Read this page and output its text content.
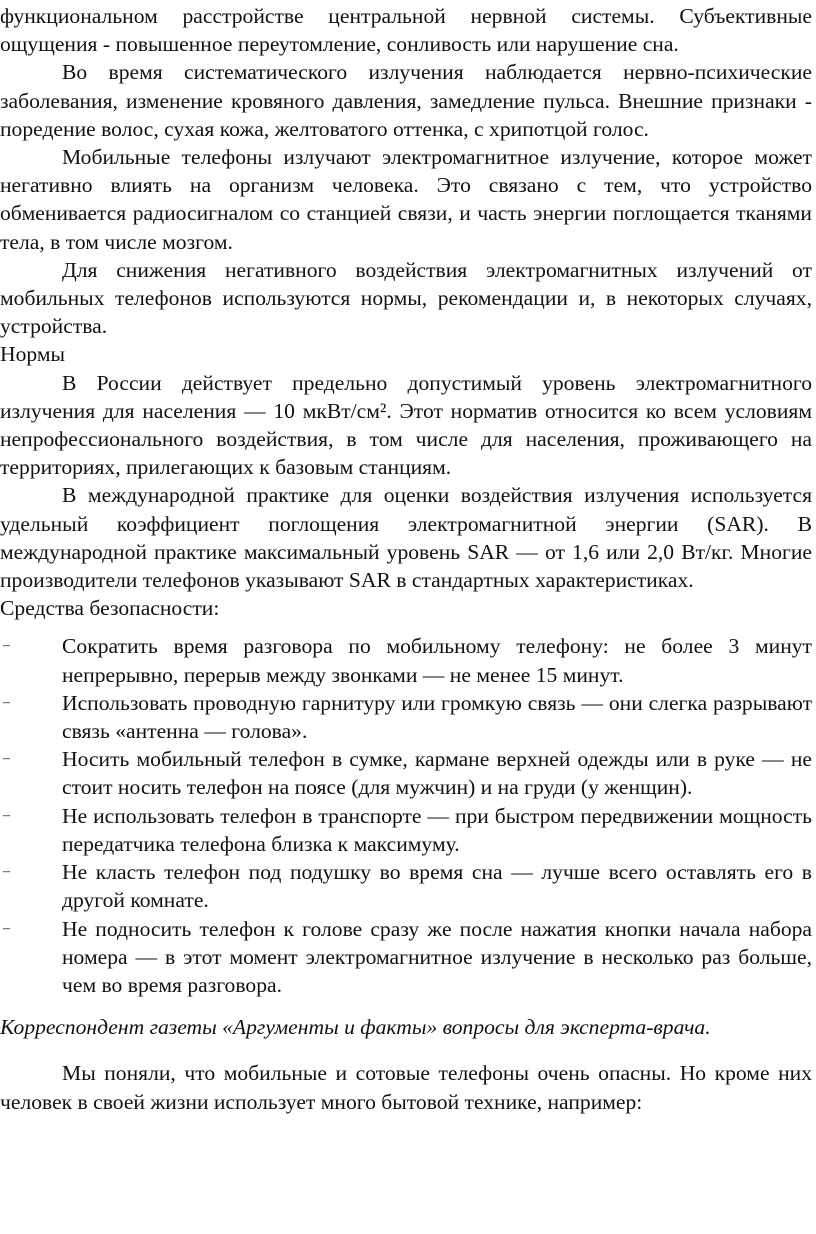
функциональном расстройстве центральной нервной системы. Субъективные ощущения - повышенное переутомление, сонливость или нарушение сна.

Во время систематического излучения наблюдается нервно-психические заболевания, изменение кровяного давления, замедление пульса. Внешние признаки - поредение волос, сухая кожа, желтоватого оттенка, с хрипотцой голос.

Мобильные телефоны излучают электромагнитное излучение, которое может негативно влиять на организм человека. Это связано с тем, что устройство обменивается радиосигналом со станцией связи, и часть энергии поглощается тканями тела, в том числе мозгом.

Для снижения негативного воздействия электромагнитных излучений от мобильных телефонов используются нормы, рекомендации и, в некоторых случаях, устройства.

Нормы

В России действует предельно допустимый уровень электромагнитного излучения для населения — 10 мкВт/см². Этот норматив относится ко всем условиям непрофессионального воздействия, в том числе для населения, проживающего на территориях, прилегающих к базовым станциям.

В международной практике для оценки воздействия излучения используется удельный коэффициент поглощения электромагнитной энергии (SAR). В международной практике максимальный уровень SAR — от 1,6 или 2,0 Вт/кг. Многие производители телефонов указывают SAR в стандартных характеристиках.

Средства безопасности:

– Сократить время разговора по мобильному телефону: не более 3 минут непрерывно, перерыв между звонками — не менее 15 минут.
– Использовать проводную гарнитуру или громкую связь — они слегка разрывают связь «антенна — голова».
– Носить мобильный телефон в сумке, кармане верхней одежды или в руке — не стоит носить телефон на поясе (для мужчин) и на груди (у женщин).
– Не использовать телефон в транспорте — при быстром передвижении мощность передатчика телефона близка к максимуму.
– Не класть телефон под подушку во время сна — лучше всего оставлять его в другой комнате.
– Не подносить телефон к голове сразу же после нажатия кнопки начала набора номера — в этот момент электромагнитное излучение в несколько раз больше, чем во время разговора.

Корреспондент газеты «Аргументы и факты» вопросы для эксперта-врача.

Мы поняли, что мобильные и сотовые телефоны очень опасны. Но кроме них человек в своей жизни использует много бытовой технике, например:
